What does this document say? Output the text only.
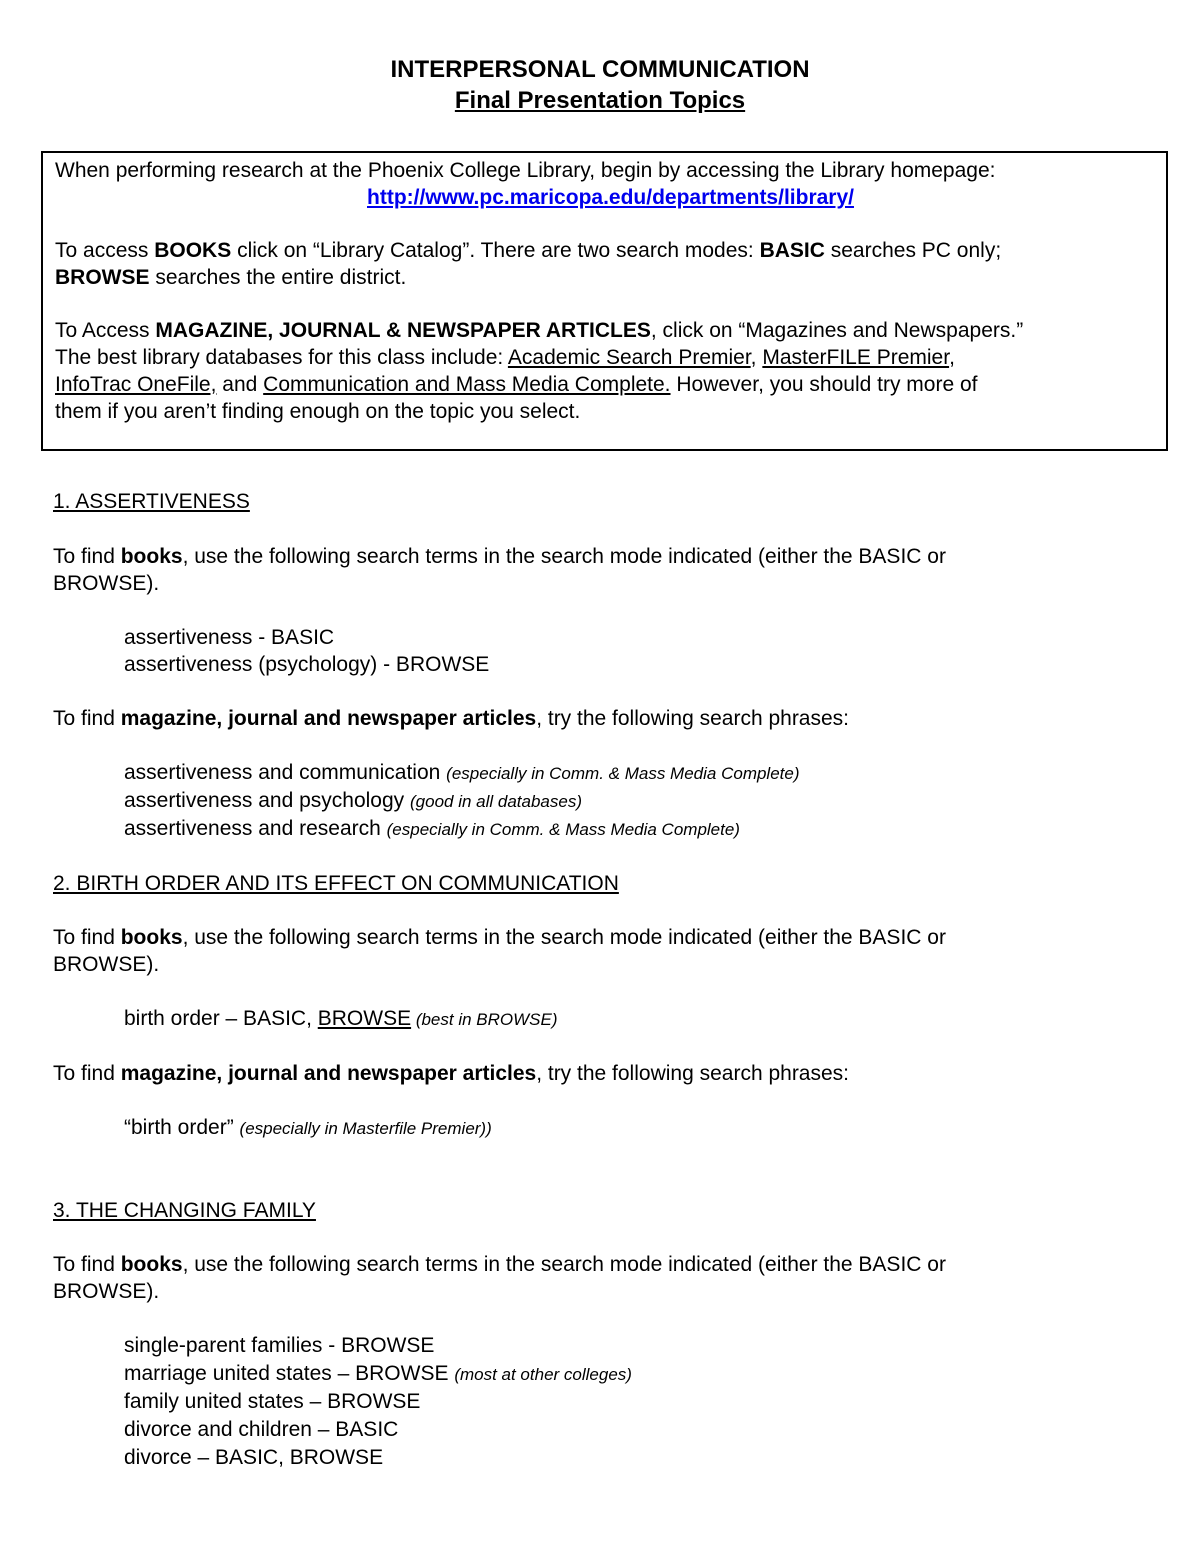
INTERPERSONAL COMMUNICATION

Final Presentation Topics

When performing research at the Phoenix College Library, begin by accessing the Library homepage:

http://www.pc.maricopa.edu/departments/library/

To access BOOKS click on “Library Catalog”. There are two search modes: BASIC searches PC only;
BROWSE searches the entire district.

To Access MAGAZINE, JOURNAL & NEWSPAPER ARTICLES, click on “Magazines and Newspapers.”
The best library databases for this class include: Academic Search Premier, MasterFILE Premier,
InfoTrac OneFile, and Communication and Mass Media Complete. However, you should try more of
them if you aren’t finding enough on the topic you select.

1. ASSERTIVENESS

To find books, use the following search terms in the search mode indicated (either the BASIC or
BROWSE).

assertiveness - BASIC

assertiveness (psychology) - BROWSE

To find magazine, journal and newspaper articles, try the following search phrases:

assertiveness and communication (especially in Comm. & Mass Media Complete)

assertiveness and psychology (good in all databases)

assertiveness and research (especially in Comm. & Mass Media Complete)

2. BIRTH ORDER AND ITS EFFECT ON COMMUNICATION

To find books, use the following search terms in the search mode indicated (either the BASIC or
BROWSE).

birth order – BASIC, BROWSE (best in BROWSE)

To find magazine, journal and newspaper articles, try the following search phrases:

“birth order” (especially in Masterfile Premier))

3. THE CHANGING FAMILY

To find books, use the following search terms in the search mode indicated (either the BASIC or
BROWSE).

single-parent families - BROWSE

marriage united states – BROWSE (most at other colleges)

family united states – BROWSE

divorce and children – BASIC

divorce – BASIC, BROWSE
